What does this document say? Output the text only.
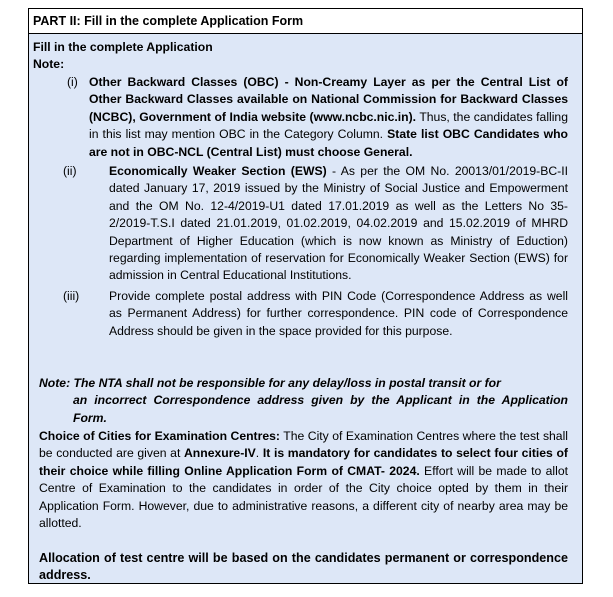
PART II: Fill in the complete Application Form
Fill in the complete Application
Note:
(i) Other Backward Classes (OBC) - Non-Creamy Layer as per the Central List of Other Backward Classes available on National Commission for Backward Classes (NCBC), Government of India website (www.ncbc.nic.in). Thus, the candidates falling in this list may mention OBC in the Category Column. State list OBC Candidates who are not in OBC-NCL (Central List) must choose General.
(ii)	Economically Weaker Section (EWS) - As per the OM No. 20013/01/2019-BC-II dated January 17, 2019 issued by the Ministry of Social Justice and Empowerment and the OM No. 12-4/2019-U1 dated 17.01.2019 as well as the Letters No 35-2/2019-T.S.I dated 21.01.2019, 01.02.2019, 04.02.2019 and 15.02.2019 of MHRD Department of Higher Education (which is now known as Ministry of Eduction) regarding implementation of reservation for Economically Weaker Section (EWS) for admission in Central Educational Institutions.
(iii)	Provide complete postal address with PIN Code (Correspondence Address as well as Permanent Address) for further correspondence. PIN code of Correspondence Address should be given in the space provided for this purpose.
Note: The NTA shall not be responsible for any delay/loss in postal transit or for
an incorrect Correspondence address given by the Applicant in the Application Form.
Choice of Cities for Examination Centres: The City of Examination Centres where the test shall be conducted are given at Annexure-IV. It is mandatory for candidates to select four cities of their choice while filling Online Application Form of CMAT- 2024. Effort will be made to allot Centre of Examination to the candidates in order of the City choice opted by them in their Application Form. However, due to administrative reasons, a different city of nearby area may be allotted.
Allocation of test centre will be based on the candidates permanent or correspondence address.
